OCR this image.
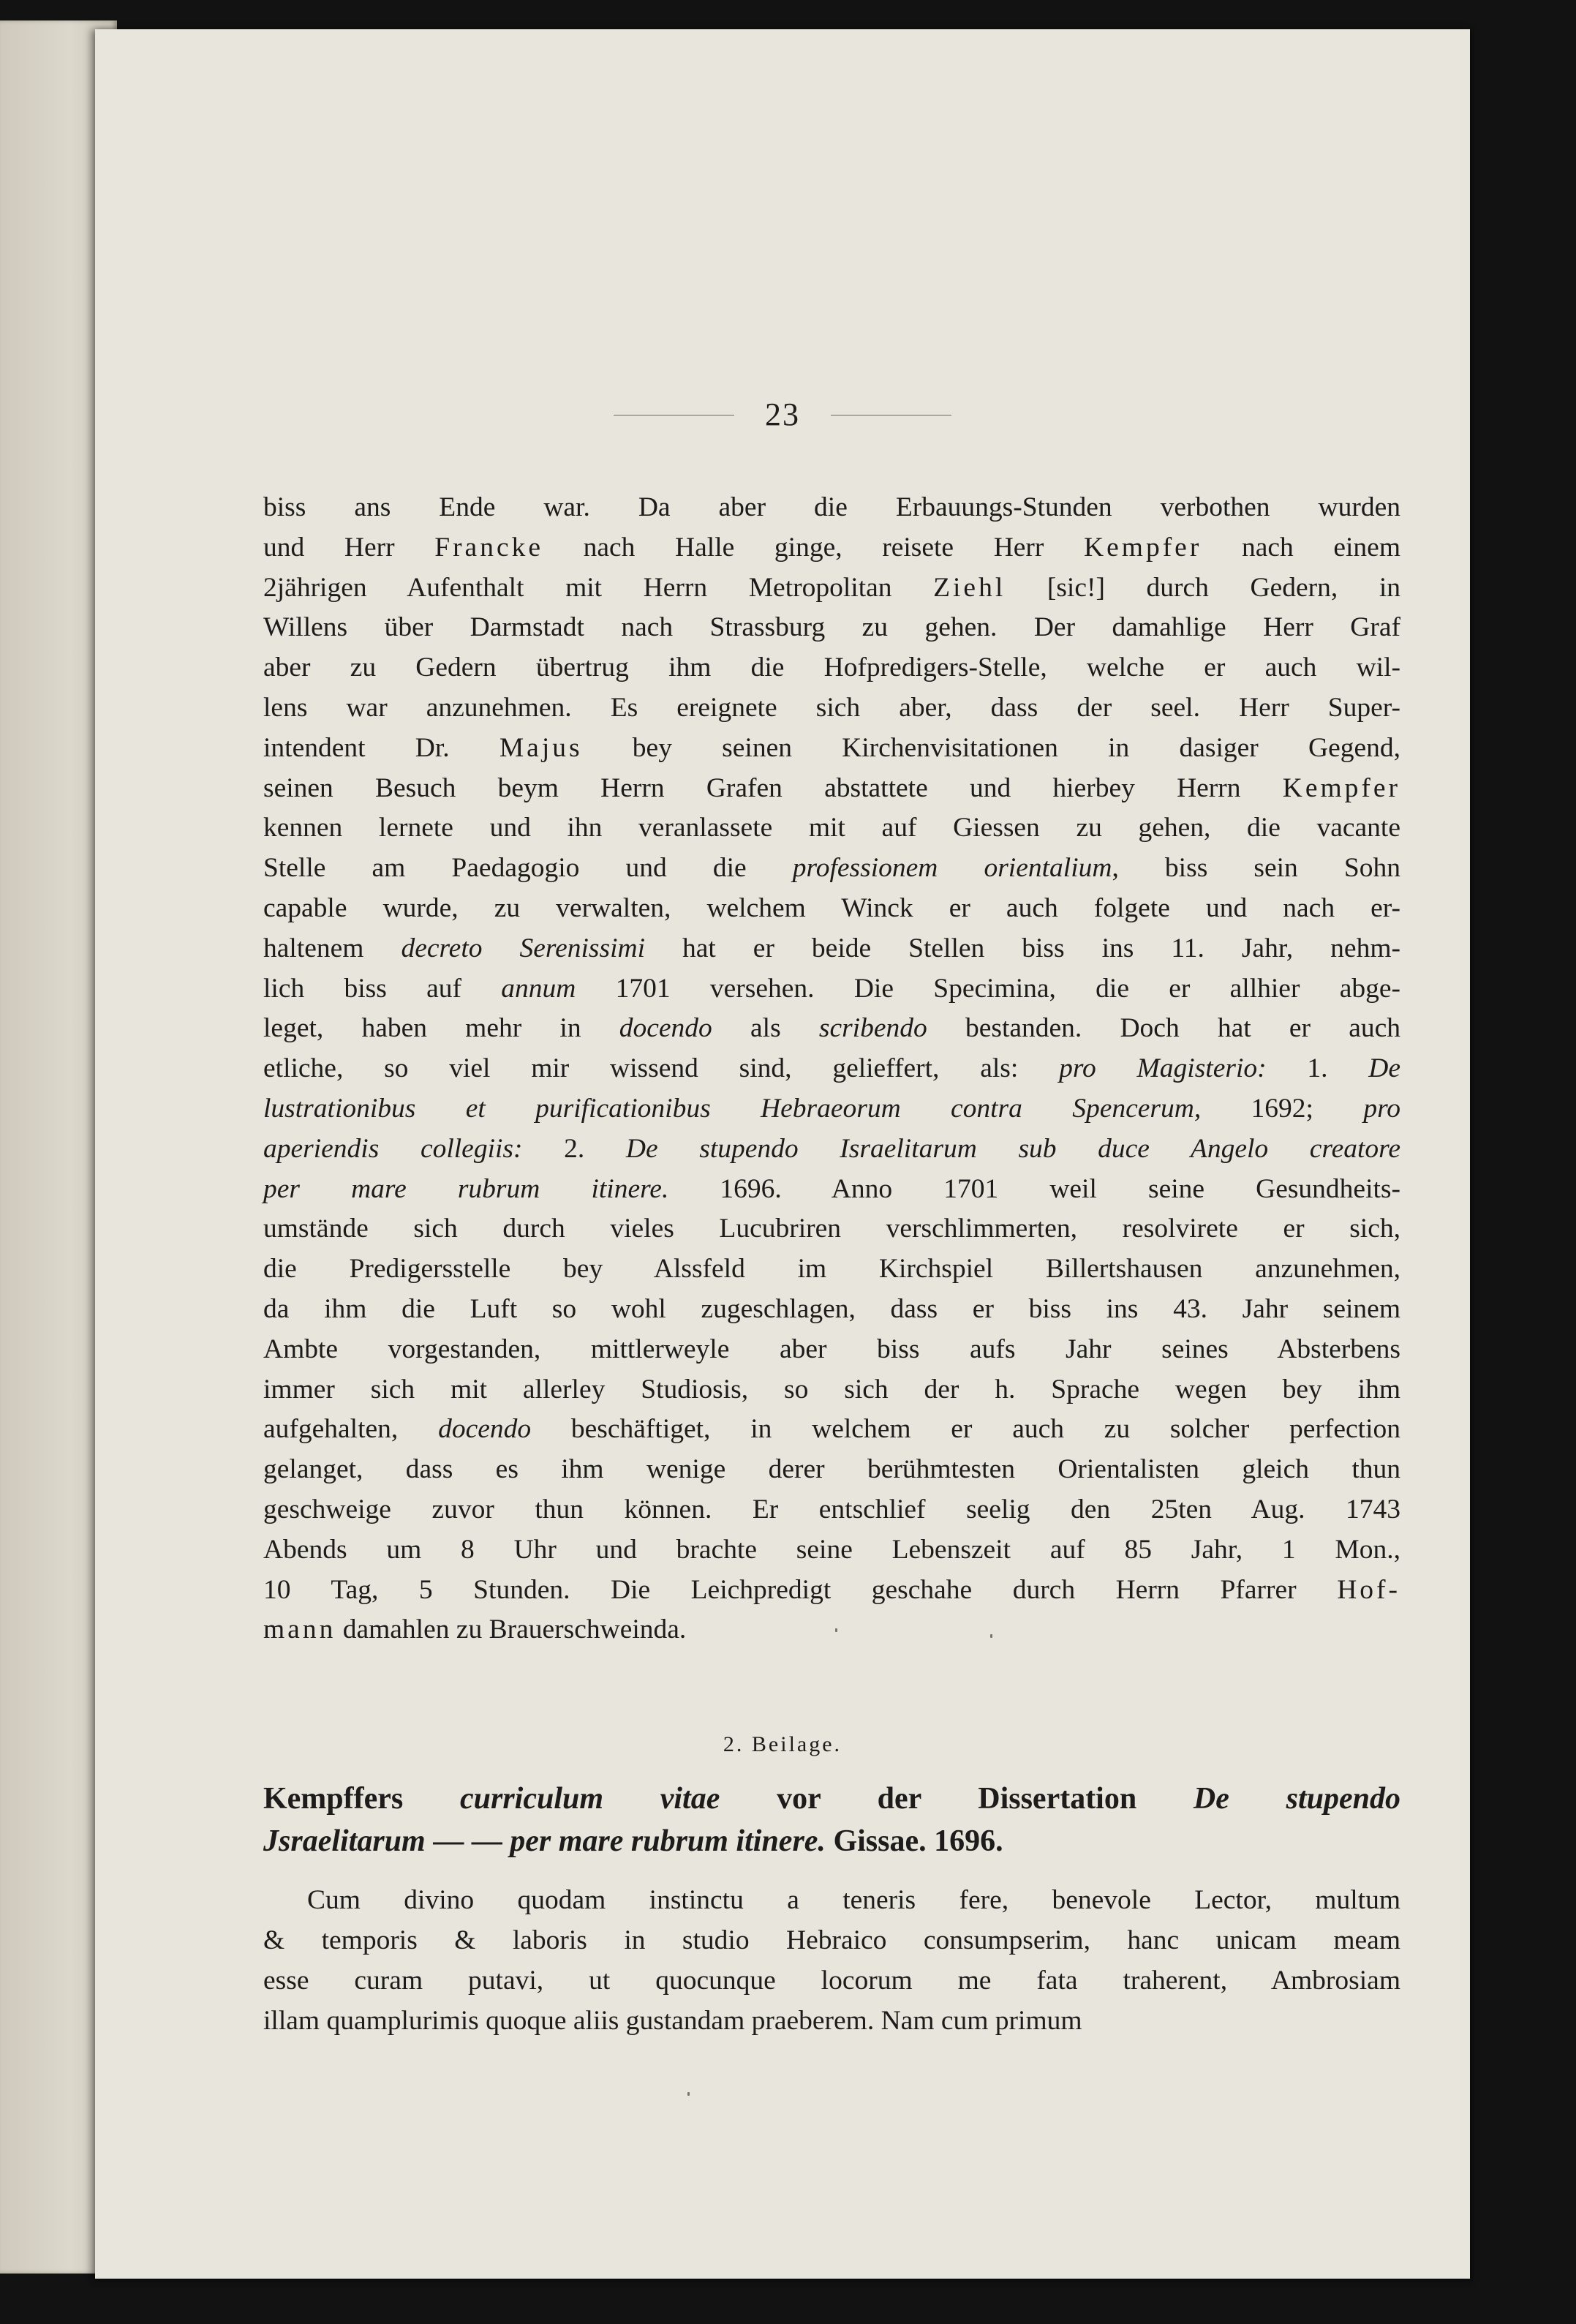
23

biss ans Ende war. Da aber die Erbauungs-Stunden verbothen wurden
und Herr Francke nach Halle ginge, reisete Herr Kempfer nach einem
2jährigen Aufenthalt mit Herrn Metropolitan Ziehl [sic!] durch Gedern, in
Willens über Darmstadt nach Strassburg zu gehen. Der damahlige Herr Graf
aber zu Gedern übertrug ihm die Hofpredigers-Stelle, welche er auch wil-
lens war anzunehmen. Es ereignete sich aber, dass der seel. Herr Super-
intendent Dr. Majus bey seinen Kirchenvisitationen in dasiger Gegend,
seinen Besuch beym Herrn Grafen abstattete und hierbey Herrn Kempfer
kennen lernete und ihn veranlassete mit auf Giessen zu gehen, die vacante
Stelle am Paedagogio und die professionem orientalium, biss sein Sohn
capable wurde, zu verwalten, welchem Winck er auch folgete und nach er-
haltenem decreto Serenissimi hat er beide Stellen biss ins 11. Jahr, nehm-
lich biss auf annum 1701 versehen. Die Specimina, die er allhier abge-
leget, haben mehr in docendo als scribendo bestanden. Doch hat er auch
etliche, so viel mir wissend sind, gelieffert, als: pro Magisterio: 1. De
lustrationibus et purificationibus Hebraeorum contra Spencerum, 1692; pro
aperiendis collegiis: 2. De stupendo Israelitarum sub duce Angelo creatore
per mare rubrum itinere. 1696. Anno 1701 weil seine Gesundheits-
umstände sich durch vieles Lucubriren verschlimmerten, resolvirete er sich,
die Predigersstelle bey Alssfeld im Kirchspiel Billertshausen anzunehmen,
da ihm die Luft so wohl zugeschlagen, dass er biss ins 43. Jahr seinem
Ambte vorgestanden, mittlerweyle aber biss aufs Jahr seines Absterbens
immer sich mit allerley Studiosis, so sich der h. Sprache wegen bey ihm
aufgehalten, docendo beschäftiget, in welchem er auch zu solcher perfection
gelanget, dass es ihm wenige derer berühmtesten Orientalisten gleich thun
geschweige zuvor thun können. Er entschlief seelig den 25ten Aug. 1743
Abends um 8 Uhr und brachte seine Lebenszeit auf 85 Jahr, 1 Mon.,
10 Tag, 5 Stunden. Die Leichpredigt geschahe durch Herrn Pfarrer Hof-
mann damahlen zu Brauerschweinda.

2. Beilage.
Kempffers curriculum vitae vor der Dissertation De stupendo
Jsraelitarum — — per mare rubrum itinere. Gissae. 1696.
Cum divino quodam instinctu a teneris fere, benevole Lector, multum
& temporis & laboris in studio Hebraico consumpserim, hanc unicam meam
esse curam putavi, ut quocunque locorum me fata traherent, Ambrosiam
illam quamplurimis quoque aliis gustandam praeberem. Nam cum primum
